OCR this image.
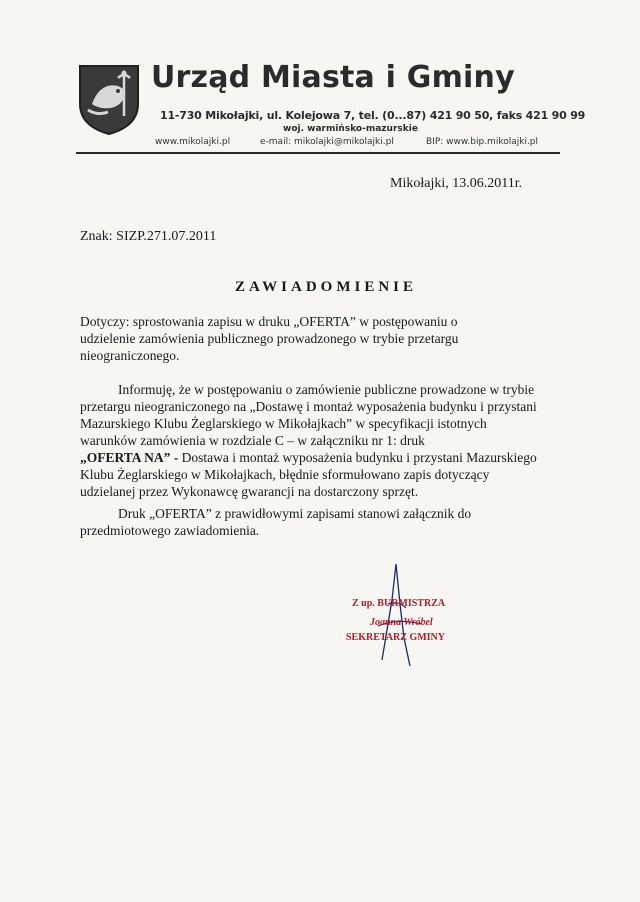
Urząd Miasta i Gminy
11-730 Mikołajki, ul. Kolejowa 7, tel. (0...87) 421 90 50, faks 421 90 99
woj. warmińsko-mazurskie
www.mikolajki.pl	e-mail: mikolajki@mikolajki.pl	BIP: www.bip.mikolajki.pl
Mikołajki, 13.06.2011r.
Znak: SIZP.271.07.2011
ZAWIADOMIENIE
Dotyczy: sprostowania zapisu w druku „OFERTA” w postępowaniu o
udzielenie zamówienia publicznego prowadzonego w trybie przetargu
nieograniczonego.
Informuję, że w postępowaniu o zamówienie publiczne prowadzone w trybie
przetargu nieograniczonego na „Dostawę i montaż wyposażenia budynku i przystani
Mazurskiego Klubu Żeglarskiego w Mikołajkach” w specyfikacji istotnych
warunków zamówienia w rozdziale C – w załączniku nr 1: druk
„OFERTA NA” - Dostawa i montaż wyposażenia budynku i przystani Mazurskiego
Klubu Żeglarskiego w Mikołajkach, błędnie sformułowano zapis dotyczący
udzielanej przez Wykonawcę gwarancji na dostarczony sprzęt.
Druk „OFERTA” z prawidłowymi zapisami stanowi załącznik do
przedmiotowego zawiadomienia.
Z up. BURMISTRZA
Joanna Wróbel
SEKRETARZ GMINY
